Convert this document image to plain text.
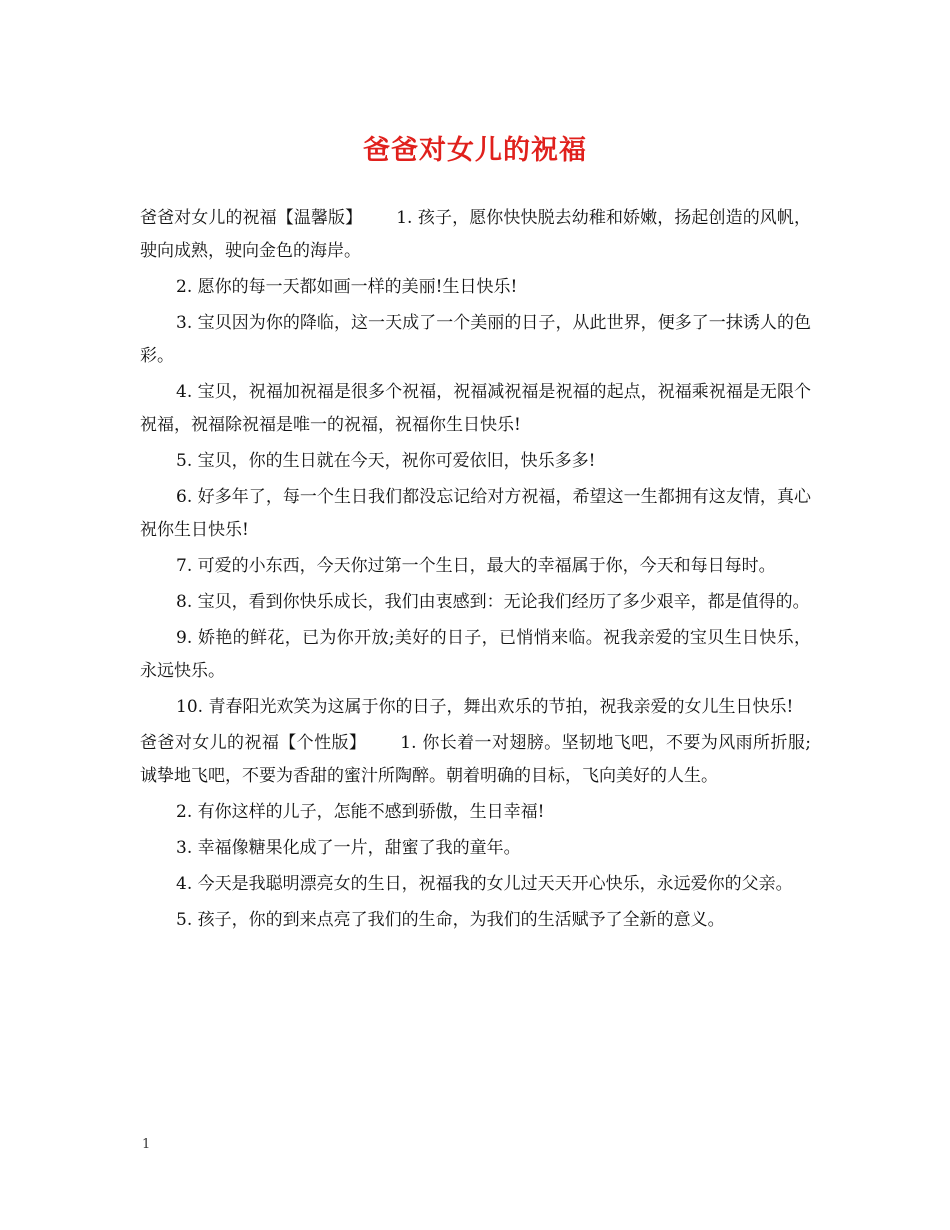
爸爸对女儿的祝福

爸爸对女儿的祝福【温馨版】 1. 孩子，愿你快快脱去幼稚和娇嫩，扬起创造的风帆，驶向成熟，驶向金色的海岸。

2. 愿你的每一天都如画一样的美丽!生日快乐!

3. 宝贝因为你的降临，这一天成了一个美丽的日子，从此世界，便多了一抹诱人的色彩。

4. 宝贝，祝福加祝福是很多个祝福，祝福减祝福是祝福的起点，祝福乘祝福是无限个祝福，祝福除祝福是唯一的祝福，祝福你生日快乐!

5. 宝贝，你的生日就在今天，祝你可爱依旧，快乐多多!

6. 好多年了，每一个生日我们都没忘记给对方祝福，希望这一生都拥有这友情，真心祝你生日快乐!

7. 可爱的小东西，今天你过第一个生日，最大的幸福属于你，今天和每日每时。

8. 宝贝，看到你快乐成长，我们由衷感到：无论我们经历了多少艰辛，都是值得的。

9. 娇艳的鲜花，已为你开放;美好的日子，已悄悄来临。祝我亲爱的宝贝生日快乐，永远快乐。

10. 青春阳光欢笑为这属于你的日子，舞出欢乐的节拍，祝我亲爱的女儿生日快乐!

爸爸对女儿的祝福【个性版】 1. 你长着一对翅膀。坚韧地飞吧，不要为风雨所折服;诚挚地飞吧，不要为香甜的蜜汁所陶醉。朝着明确的目标，飞向美好的人生。

2. 有你这样的儿子，怎能不感到骄傲，生日幸福!

3. 幸福像糖果化成了一片，甜蜜了我的童年。

4. 今天是我聪明漂亮女的生日，祝福我的女儿过天天开心快乐，永远爱你的父亲。

5. 孩子，你的到来点亮了我们的生命，为我们的生活赋予了全新的意义。

1
